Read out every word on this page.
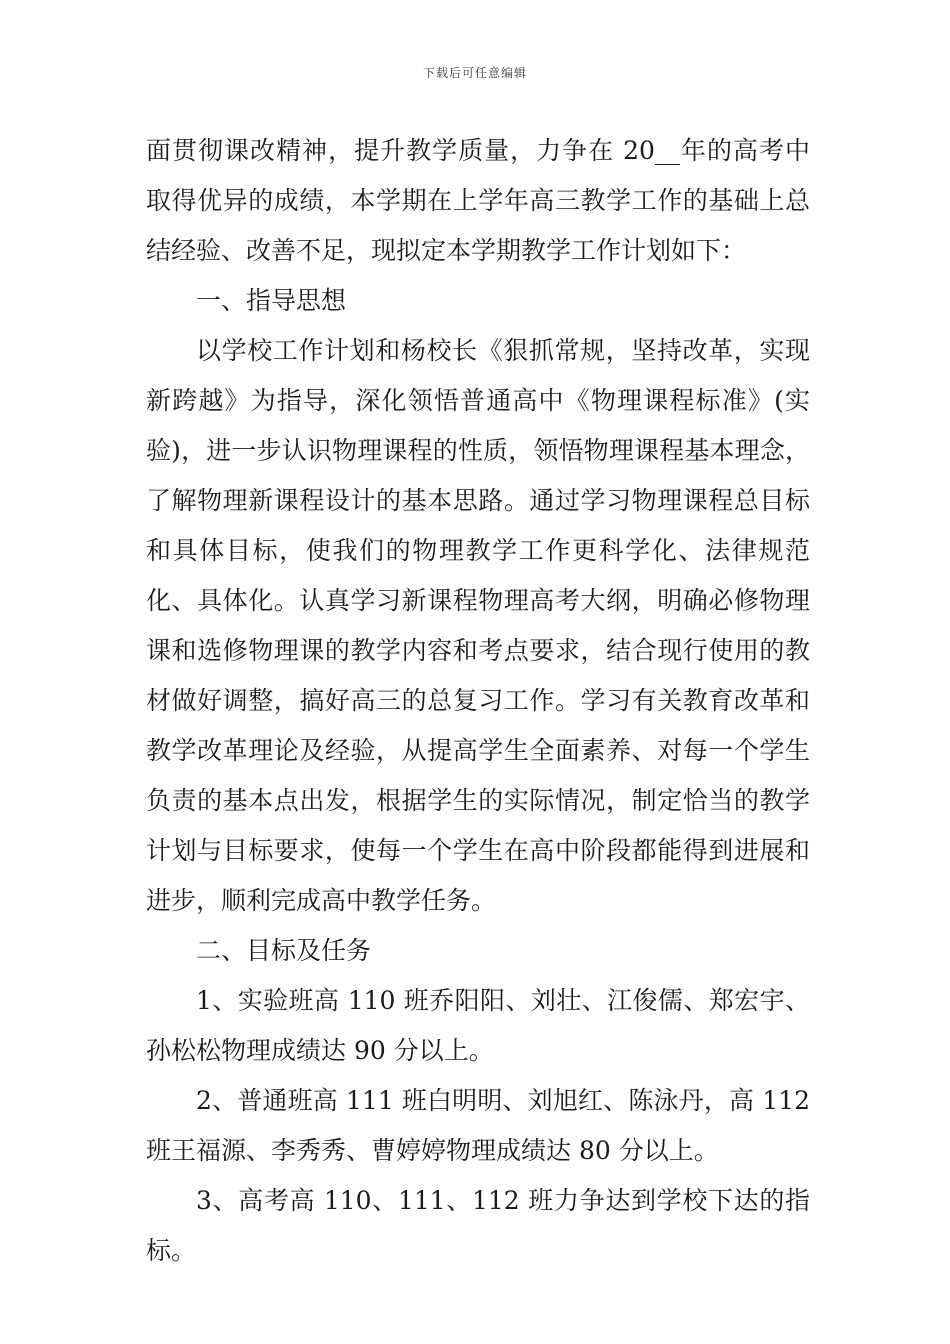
下载后可任意编辑

面贯彻课改精神，提升教学质量，力争在 20__年的高考中取得优异的成绩，本学期在上学年高三教学工作的基础上总结经验、改善不足，现拟定本学期教学工作计划如下：

一、指导思想

以学校工作计划和杨校长《狠抓常规，坚持改革，实现新跨越》为指导，深化领悟普通高中《物理课程标准》(实验)，进一步认识物理课程的性质，领悟物理课程基本理念，了解物理新课程设计的基本思路。通过学习物理课程总目标和具体目标，使我们的物理教学工作更科学化、法律规范化、具体化。认真学习新课程物理高考大纲，明确必修物理课和选修物理课的教学内容和考点要求，结合现行使用的教材做好调整，搞好高三的总复习工作。学习有关教育改革和教学改革理论及经验，从提高学生全面素养、对每一个学生负责的基本点出发，根据学生的实际情况，制定恰当的教学计划与目标要求，使每一个学生在高中阶段都能得到进展和进步，顺利完成高中教学任务。

二、目标及任务

1、实验班高 110 班乔阳阳、刘壮、江俊儒、郑宏宇、孙松松物理成绩达 90 分以上。

2、普通班高 111 班白明明、刘旭红、陈泳丹，高 112 班王福源、李秀秀、曹婷婷物理成绩达 80 分以上。

3、高考高 110、111、112 班力争达到学校下达的指标。
